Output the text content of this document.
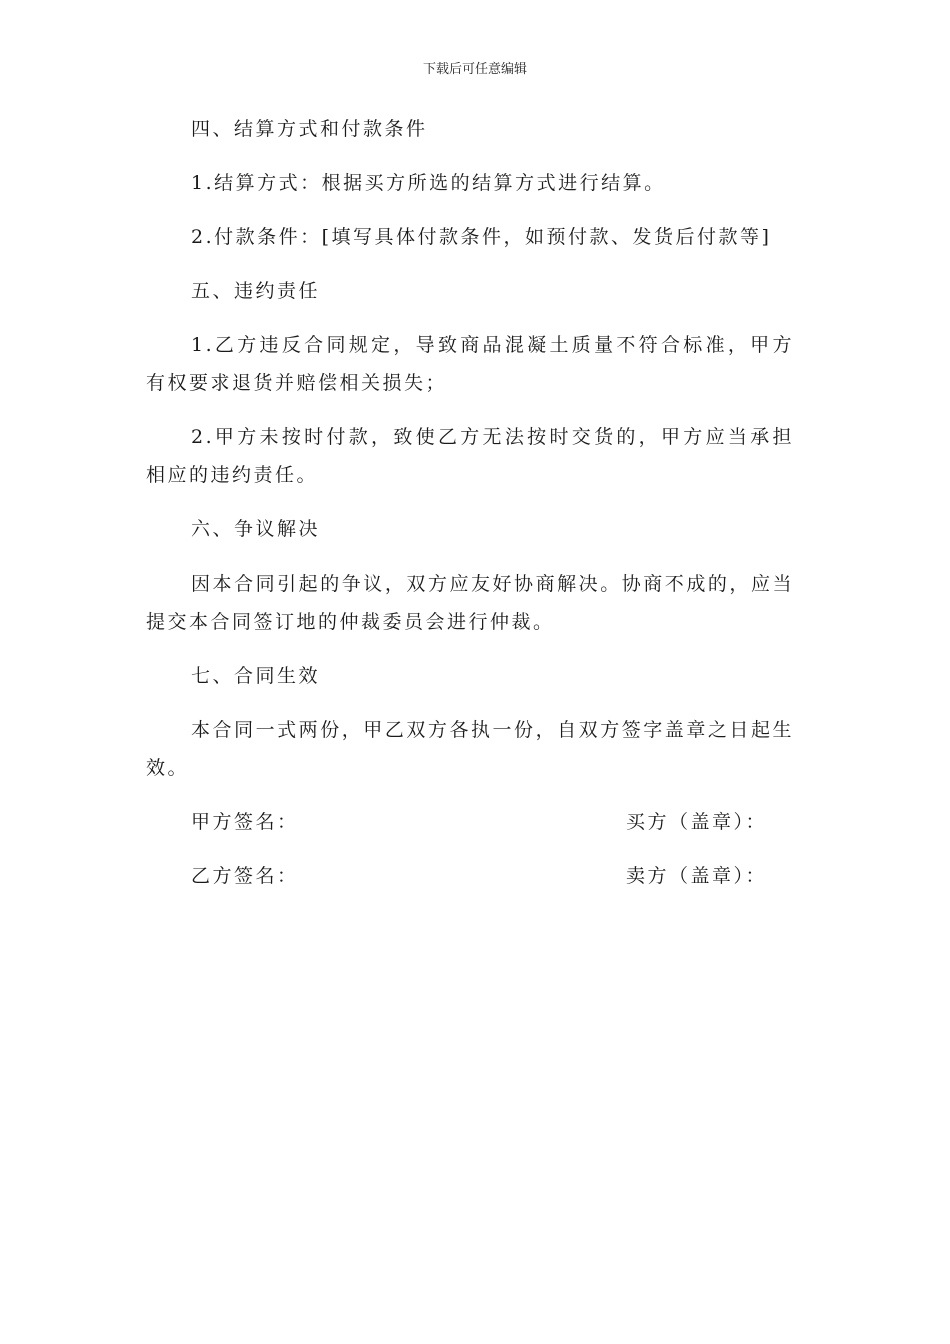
下载后可任意编辑

四、结算方式和付款条件

1.结算方式：根据买方所选的结算方式进行结算。

2.付款条件：[填写具体付款条件，如预付款、发货后付款等]

五、违约责任

1.乙方违反合同规定，导致商品混凝土质量不符合标准，甲方有权要求退货并赔偿相关损失；

2.甲方未按时付款，致使乙方无法按时交货的，甲方应当承担相应的违约责任。

六、争议解决

因本合同引起的争议，双方应友好协商解决。协商不成的，应当提交本合同签订地的仲裁委员会进行仲裁。

七、合同生效

本合同一式两份，甲乙双方各执一份，自双方签字盖章之日起生效。

甲方签名：	买方（盖章）：
乙方签名：	卖方（盖章）：
